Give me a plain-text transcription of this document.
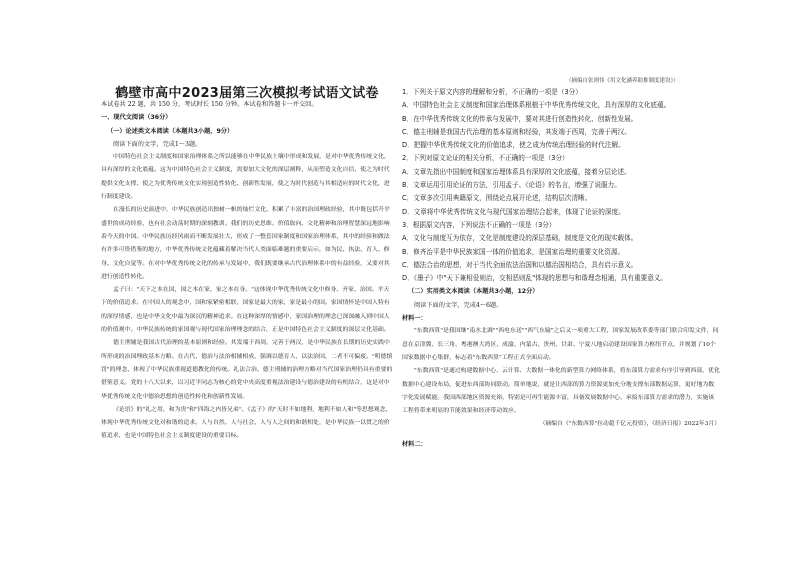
（摘编自张则伟《用文化涵养助推制度建设》）
鹤壁市高中2023届第三次模拟考试语文试卷

本试卷共 22 题，共 150 分，考试时长 150 分钟。本试卷和答题卡一并交回。

一、现代文阅读（36分）

（一）论述类文本阅读（本题共3小题，9分）

阅读下面的文字，完成1～3题。

中国特色社会主义制度和国家治理体系之所以能够在中华民族土壤中形成和发展，是对中华优秀传统文化，具有深厚的文化底蕴。这为中国特色社会主义制度，需要加大文化的深层阐释，从而塑造文化自信，使之为时代提供文化支撑，使之为优秀传统文化实现创造性转化、创新性发展，使之为时代创造与其相适应的时代文化，进行制度建设。

在漫长的历史演进中，中华民族创造出独树一帜的灿烂文化，积累了丰富的治国理政经验，其中既包括升平盛世的成功经验，也有社会动荡时期的深刻教训。我们的历史思维、价值取向、文化精神和治理智慧深远地影响着今天的中国。中华民族历经风雨而不断发展壮大，形成了一整套国家制度和国家治理体系，其中的经验和做法有许多可资借鉴的地方，中华优秀传统文化蕴藏着解决当代人类面临难题的重要启示，如为民、执法、育人、修身、文化自觉等。在对中华优秀传统文化的传承与发展中，我们既要继承古代治理体系中的有益经验，又要对其进行创造性转化。

孟子曰："天下之本在国，国之本在家，家之本在身。"这体现中华优秀传统文化中修身、齐家、治国、平天下的价值追求。在中国人的观念中，国和家紧密相联，国家是最大的家，家是最小的国。家国情怀是中国人特有的深厚情感，也是中华文化中最为深沉的精神追求。在这种深厚的情感中，家国治理的理念已深深融入到中国人的价值观中。中华民族传统的家国观与现代国家治理理念的结合，正是中国特色社会主义制度的深层文化基础。

德主刑辅是我国古代治理的基本原则和经验。其发端于西周，完善于两汉，是中华民族在长期的历史实践中所形成的治国理政基本方略。在古代，德治与法治相辅相成，强调以德育人、以法治国，二者不可偏废。"明德慎罚"的理念，体现了中华民族重视道德教化的传统。礼法合治、德主刑辅的治理方略对当代国家治理仍具有重要的借鉴意义。党的十八大以来，以习近平同志为核心的党中央高度重视法治建设与德治建设的有机结合，这是对中华优秀传统文化中德治思想的创造性转化和创新性发展。

《论语》的"礼之用，和为贵"和"四海之内皆兄弟"、《孟子》的"天时不如地利，地利不如人和"等思想观念，体现中华优秀传统文化对和谐的追求。人与自然、人与社会、人与人之间的和谐相处，是中华民族一以贯之的价值追求，也是中国特色社会主义制度建设的重要目标。

1．下列关于原文内容的理解和分析，不正确的一项是（3分）

A．中国特色社会主义制度和国家治理体系根植于中华优秀传统文化，具有深厚的文化底蕴。

B．在中华优秀传统文化的传承与发展中，要对其进行创造性转化、创新性发展。

C．德主刑辅是我国古代治理的基本原则和经验，其发端于西周，完善于两汉。

D．把握中华优秀传统文化的价值追求，使之成为传统治理经验的时代注解。

2．下列对原文论证的相关分析，不正确的一项是（3分）

A．文章先指出中国制度和国家治理体系具有深厚的文化底蕴，接着分层论述。

B．文章运用引用论证的方法，引用孟子、《论语》的名言，增强了说服力。

C．文章多次引用典籍原文，围绕论点展开论述，结构层次清晰。

D．文章将中华优秀传统文化与现代国家治理结合起来，体现了论证的深度。

3．根据原文内容，下列说法不正确的一项是（3分）

A．文化与制度互为依存，文化是制度建设的深层基础，制度是文化的现实载体。

B．修齐治平是中华民族家国一体的价值追求，是国家治理的重要文化资源。

C．德法合治的思想，对于当代全面依法治国和以德治国相结合，具有启示意义。

D．《墨子》中"天下兼相爱则治，交相恶则乱"体现的思想与和谐理念相通，具有重要意义。

（二）实用类文本阅读（本题共3小题，12分）

阅读下面的文字，完成4～6题。

材料一：

"东数西算"是我国继"南水北调""西电东送""西气东输"之后又一项重大工程，国家发展改革委等部门联合印发文件，同意在京津冀、长三角、粤港澳大湾区、成渝、内蒙古、贵州、甘肃、宁夏八地启动建设国家算力枢纽节点，并规划了10个国家数据中心集群，标志着"东数西算"工程正式全面启动。

"东数西算"是通过构建数据中心、云计算、大数据一体化的新型算力网络体系，将东部算力需求有序引导到西部，优化数据中心建设布局，促进东西部协同联动。简单地说，就是让西部的算力资源更加充分地支撑东部数据运算，更好地为数字化发展赋能。我国西部地区资源充裕，特别是可再生能源丰富，具备发展数据中心、承接东部算力需求的潜力，实施该工程将带来明显的节能效果和经济带动效应。

（摘编自《"东数西算"拉动超千亿元投资》，《经济日报》2022年3月）

材料二：
